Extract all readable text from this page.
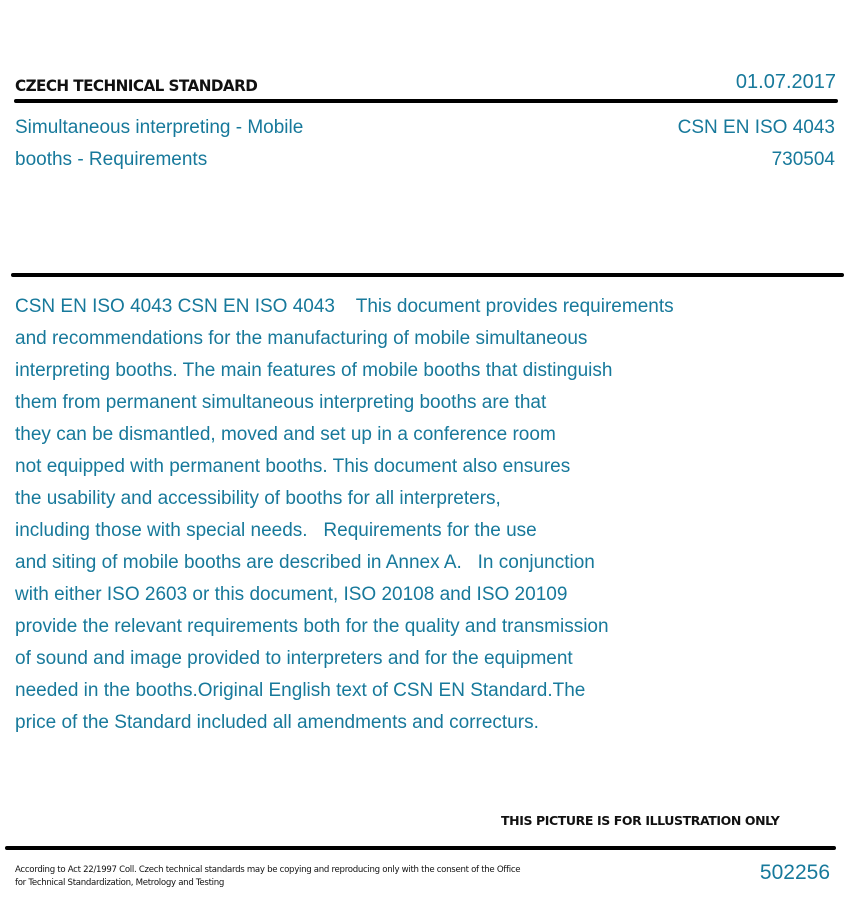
CZECH TECHNICAL STANDARD	01.07.2017
Simultaneous interpreting - Mobile
booths - Requirements
CSN EN ISO 4043
730504
CSN EN ISO 4043 CSN EN ISO 4043    This document provides requirements
and recommendations for the manufacturing of mobile simultaneous
interpreting booths. The main features of mobile booths that distinguish
them from permanent simultaneous interpreting booths are that
they can be dismantled, moved and set up in a conference room
not equipped with permanent booths. This document also ensures
the usability and accessibility of booths for all interpreters,
including those with special needs.   Requirements for the use
and siting of mobile booths are described in Annex A.   In conjunction
with either ISO 2603 or this document, ISO 20108 and ISO 20109
provide the relevant requirements both for the quality and transmission
of sound and image provided to interpreters and for the equipment
needed in the booths.Original English text of CSN EN Standard.The
price of the Standard included all amendments and correcturs.
THIS PICTURE IS FOR ILLUSTRATION ONLY
According to Act 22/1997 Coll. Czech technical standards may be copying and reproducing only with the consent of the Office
for Technical Standardization, Metrology and Testing	502256
